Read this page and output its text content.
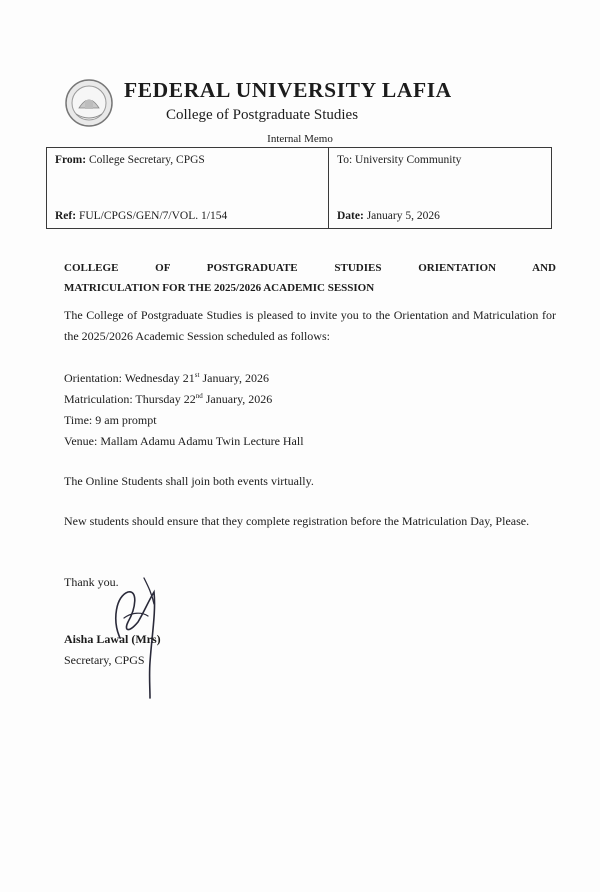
FEDERAL UNIVERSITY LAFIA
College of Postgraduate Studies
Internal Memo
From: College Secretary, CPGS	To: University Community
Ref: FUL/CPGS/GEN/7/VOL. 1/154	Date: January 5, 2026
COLLEGE OF POSTGRADUATE STUDIES ORIENTATION AND
MATRICULATION FOR THE 2025/2026 ACADEMIC SESSION
The College of Postgraduate Studies is pleased to invite you to the Orientation and Matriculation for the 2025/2026 Academic Session scheduled as follows:
Orientation: Wednesday 21st January, 2026
Matriculation: Thursday 22nd January, 2026
Time: 9 am prompt
Venue: Mallam Adamu Adamu Twin Lecture Hall
The Online Students shall join both events virtually.
New students should ensure that they complete registration before the Matriculation Day, Please.
Thank you.
Aisha Lawal (Mrs)
Secretary, CPGS
